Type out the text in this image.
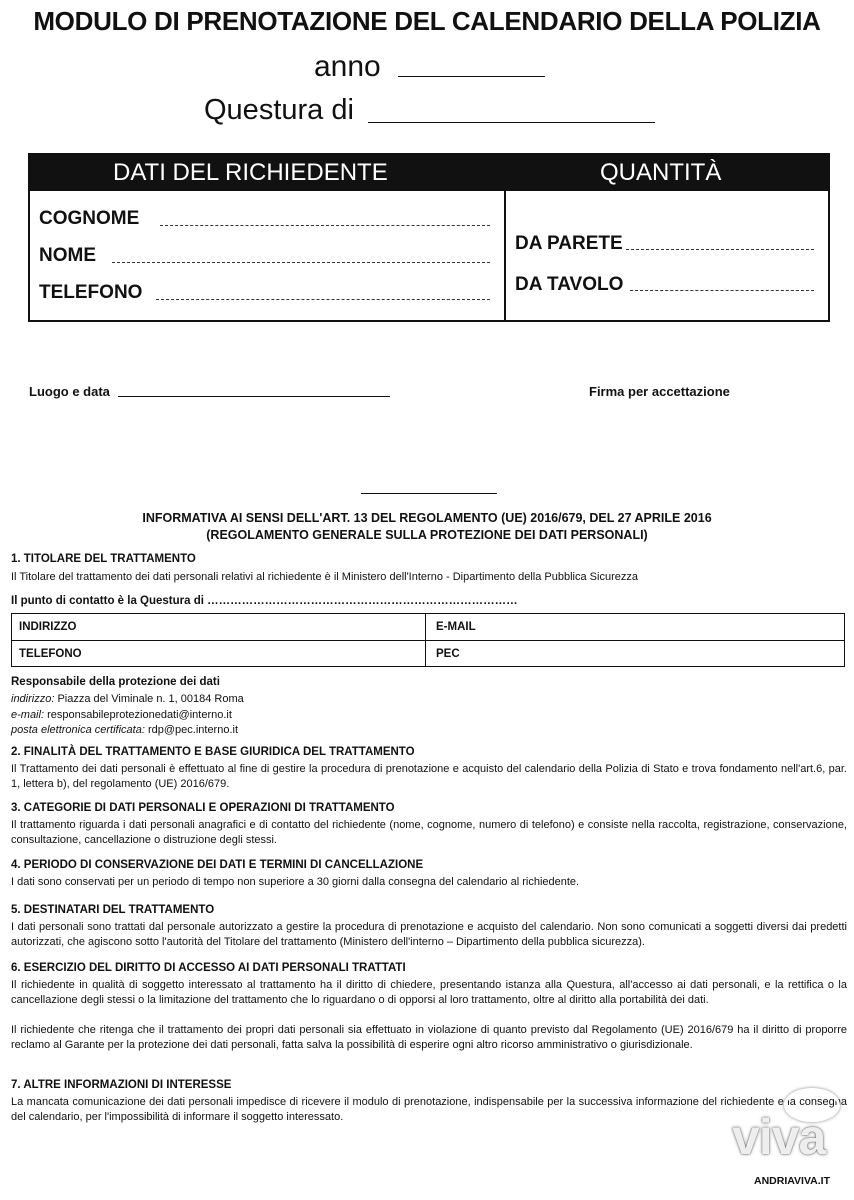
MODULO DI PRENOTAZIONE DEL CALENDARIO DELLA POLIZIA
anno
Questura di
DATI DEL RICHIEDENTE	QUANTITÀ
COGNOME
NOME
TELEFONO
DA PARETE
DA TAVOLO
Luogo e data	Firma per accettazione
INFORMATIVA AI SENSI DELL'ART. 13 DEL REGOLAMENTO (UE) 2016/679, DEL 27 APRILE 2016
(REGOLAMENTO GENERALE SULLA PROTEZIONE DEI DATI PERSONALI)
1. TITOLARE DEL TRATTAMENTO
Il Titolare del trattamento dei dati personali relativi al richiedente è il Ministero dell'Interno - Dipartimento della Pubblica Sicurezza
Il punto di contatto è la Questura di ………………………………………………………………………
INDIRIZZO	E-MAIL
TELEFONO	PEC
Responsabile della protezione dei dati
indirizzo: Piazza del Viminale n. 1, 00184 Roma
e-mail: responsabileprotezionedati@interno.it
posta elettronica certificata: rdp@pec.interno.it
2. FINALITÀ DEL TRATTAMENTO E BASE GIURIDICA DEL TRATTAMENTO
Il Trattamento dei dati personali è effettuato al fine di gestire la procedura di prenotazione e acquisto del calendario della Polizia di Stato e trova fondamento nell'art.6, par. 1, lettera b), del regolamento (UE) 2016/679.
3. CATEGORIE DI DATI PERSONALI E OPERAZIONI DI TRATTAMENTO
Il trattamento riguarda i dati personali anagrafici e di contatto del richiedente (nome, cognome, numero di telefono) e consiste nella raccolta, registrazione, conservazione, consultazione, cancellazione o distruzione degli stessi.
4. PERIODO DI CONSERVAZIONE DEI DATI E TERMINI DI CANCELLAZIONE
I dati sono conservati per un periodo di tempo non superiore a 30 giorni dalla consegna del calendario al richiedente.
5. DESTINATARI DEL TRATTAMENTO
I dati personali sono trattati dal personale autorizzato a gestire la procedura di prenotazione e acquisto del calendario. Non sono comunicati a soggetti diversi dai predetti autorizzati, che agiscono sotto l'autorità del Titolare del trattamento (Ministero dell'interno – Dipartimento della pubblica sicurezza).
6. ESERCIZIO DEL DIRITTO DI ACCESSO AI DATI PERSONALI TRATTATI
Il richiedente in qualità di soggetto interessato al trattamento ha il diritto di chiedere, presentando istanza alla Questura, all'accesso ai dati personali, e la rettifica o la cancellazione degli stessi o la limitazione del trattamento che lo riguardano o di opporsi al loro trattamento, oltre al diritto alla portabilità dei dati.
Il richiedente che ritenga che il trattamento dei propri dati personali sia effettuato in violazione di quanto previsto dal Regolamento (UE) 2016/679 ha il diritto di proporre reclamo al Garante per la protezione dei dati personali, fatta salva la possibilità di esperire ogni altro ricorso amministrativo o giurisdizionale.
7. ALTRE INFORMAZIONI DI INTERESSE
La mancata comunicazione dei dati personali impedisce di ricevere il modulo di prenotazione, indispensabile per la successiva informazione del richiedente e la consegna del calendario, per l'impossibilità di informare il soggetto interessato.	viva
ANDRIAVIVA.IT
